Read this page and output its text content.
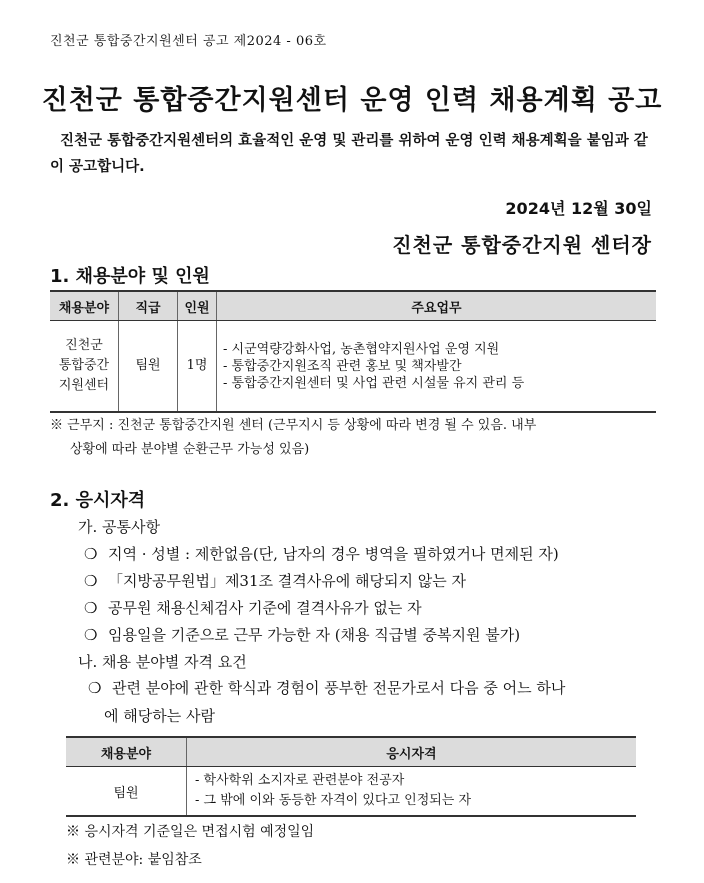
진천군 통합중간지원센터 공고 제2024 - 06호
진천군 통합중간지원센터 운영 인력 채용계획 공고
진천군 통합중간지원센터의 효율적인 운영 및 관리를 위하여 운영 인력 채용계획을 붙임과 같이 공고합니다.
2024년 12월 30일
진천군 통합중간지원 센터장
1. 채용분야 및 인원
채용분야	직급	인원	주요업무

진천군
통합중간
지원센터	팀원	1명	- 시군역량강화사업, 농촌협약지원사업 운영 지원
- 통합중간지원조직 관련 홍보 및 책자발간
- 통합중간지원센터 및 사업 관련 시설물 유지 관리 등
※ 근무지 : 진천군 통합중간지원 센터 (근무지시 등 상황에 따라 변경 될 수 있음. 내부
상황에 따라 분야별 순환근무 가능성 있음)
2. 응시자격
가. 공통사항
❍ 지역 · 성별 : 제한없음(단, 남자의 경우 병역을 필하였거나 면제된 자)
❍ 「지방공무원법」제31조 결격사유에 해당되지 않는 자
❍ 공무원 채용신체검사 기준에 결격사유가 없는 자
❍ 임용일을 기준으로 근무 가능한 자 (채용 직급별 중복지원 불가)
나. 채용 분야별 자격 요건
❍ 관련 분야에 관한 학식과 경험이 풍부한 전문가로서 다음 중 어느 하나
에 해당하는 사람
채용분야	응시자격
팀원	- 학사학위 소지자로 관련분야 전공자
- 그 밖에 이와 동등한 자격이 있다고 인정되는 자
※ 응시자격 기준일은 면접시험 예정일임
※ 관련분야: 붙임참조
